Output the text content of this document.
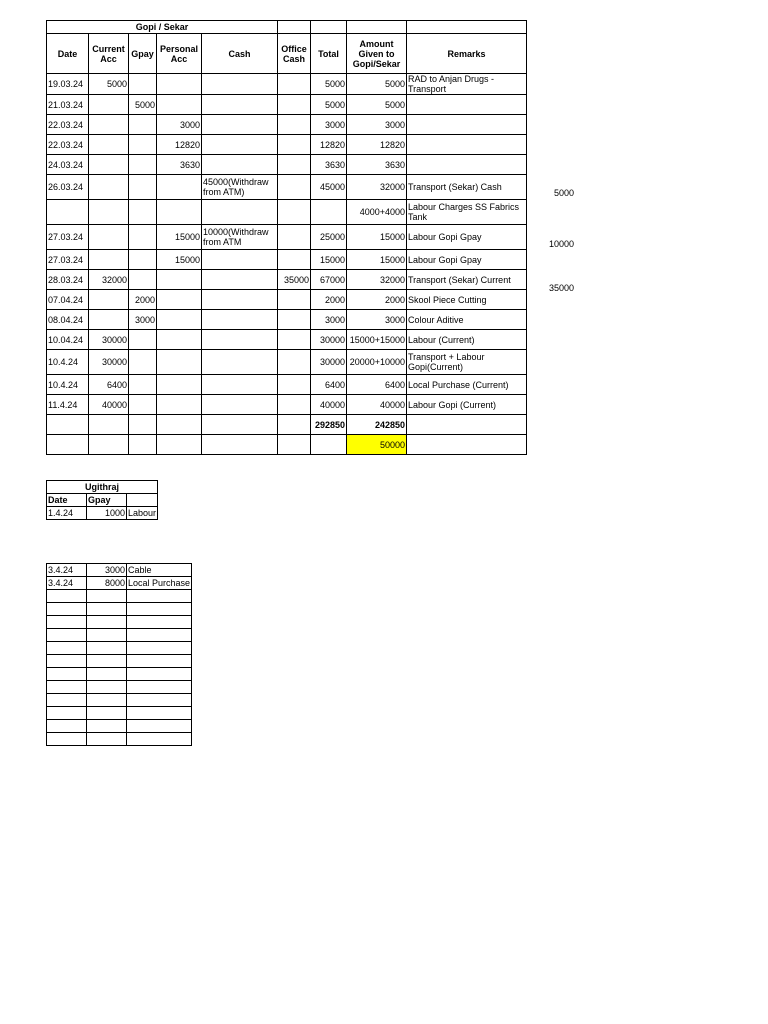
Gopi / Sekar								
Date	Current Acc	Gpay	Personal Acc	Cash	Office Cash	Total	Amount Given to Gopi/Sekar	Remarks
19.03.24	5000					5000	5000	RAD to Anjan Drugs - Transport
21.03.24		5000				5000	5000	
22.03.24			3000			3000	3000	
22.03.24			12820			12820	12820	
24.03.24			3630			3630	3630	
26.03.24				45000(Withdraw from ATM)		45000	32000	Transport (Sekar) Cash
							4000+4000	Labour Charges SS Fabrics Tank
27.03.24			15000	10000(Withdraw from ATM		25000	15000	Labour Gopi Gpay
27.03.24			15000			15000	15000	Labour Gopi Gpay
28.03.24	32000				35000	67000	32000	Transport (Sekar) Current
07.04.24		2000				2000	2000	Skool Piece Cutting
08.04.24		3000				3000	3000	Colour Aditive
10.04.24	30000					30000	15000+15000	Labour (Current)
10.4.24	30000					30000	20000+10000	Transport + Labour Gopi(Current)
10.4.24	6400					6400	6400	Local Purchase (Current)
11.4.24	40000					40000	40000	Labour Gopi (Current)
						292850	242850	
							50000	
5000
10000
35000
Ugithraj		
Date	Gpay	
1.4.24	1000	Labour
3.4.24	3000	Cable
3.4.24	8000	Local Purchase
